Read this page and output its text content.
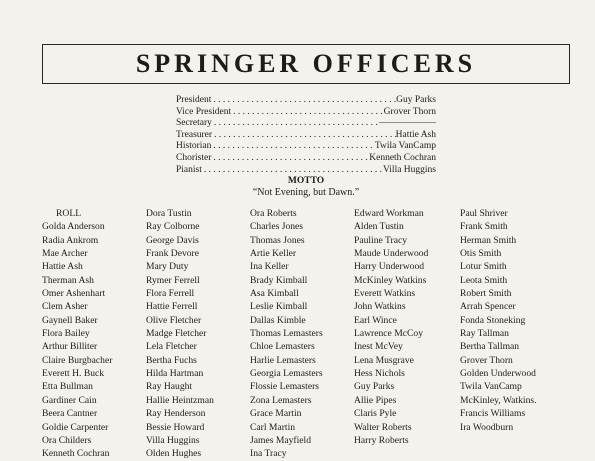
SPRINGER OFFICERS
President . . .	Guy Parks
Vice President . . .	Grover Thorn
Secretary . . .	——————
Treasurer . . .	Hattie Ash
Historian . . .	Twila VanCamp
Chorister . . .	Kenneth Cochran
Pianist . . .	Villa Huggins
MOTTO
“Not Evening, but Dawn.”
ROLL
Golda Anderson
Radia Ankrom
Mae Archer
Hattie Ash
Therman Ash
Omer Ashenhart
Clem Asher
Gaynell Baker
Flora Bailey
Arthur Billiter
Claire Burgbacher
Everett H. Buck
Etta Bullman
Gardiner Cain
Beera Cantner
Goldie Carpenter
Ora Childers
Kenneth Cochran
Dora Tustin
Ray Colborne
George Davis
Frank Devore
Mary Duty
Rymer Ferrell
Flora Ferrell
Hattie Ferrell
Olive Fletcher
Madge Fletcher
Lela Fletcher
Bertha Fuchs
Hilda Hartman
Ray Haught
Hallie Heintzman
Ray Henderson
Bessie Howard
Villa Huggins
Olden Hughes
Ora Roberts
Charles Jones
Thomas Jones
Artie Keller
Ina Keller
Brady Kimball
Asa Kimball
Leslie Kimball
Dallas Kimble
Thomas Lemasters
Chloe Lemasters
Harlie Lemasters
Georgia Lemasters
Flossie Lemasters
Zona Lemasters
Grace Martin
Carl Martin
James Mayfield
Ina Tracy
Edward Workman
Alden Tustin
Pauline Tracy
Maude Underwood
Harry Underwood
McKinley Watkins
Everett Watkins
John Watkins
Earl Wince
Lawrence McCoy
Inest McVey
Lena Musgrave
Hess Nichols
Guy Parks
Allie Pipes
Claris Pyle
Walter Roberts
Harry Roberts
Paul Shriver
Frank Smith
Herman Smith
Otis Smith
Lotur Smith
Leota Smith
Robert Smith
Arrah Spencer
Fonda Stoneking
Ray Tallman
Bertha Tallman
Grover Thorn
Golden Underwood
Twila VanCamp
McKinley, Watkins.
Francis Williams
Ira Woodburn
